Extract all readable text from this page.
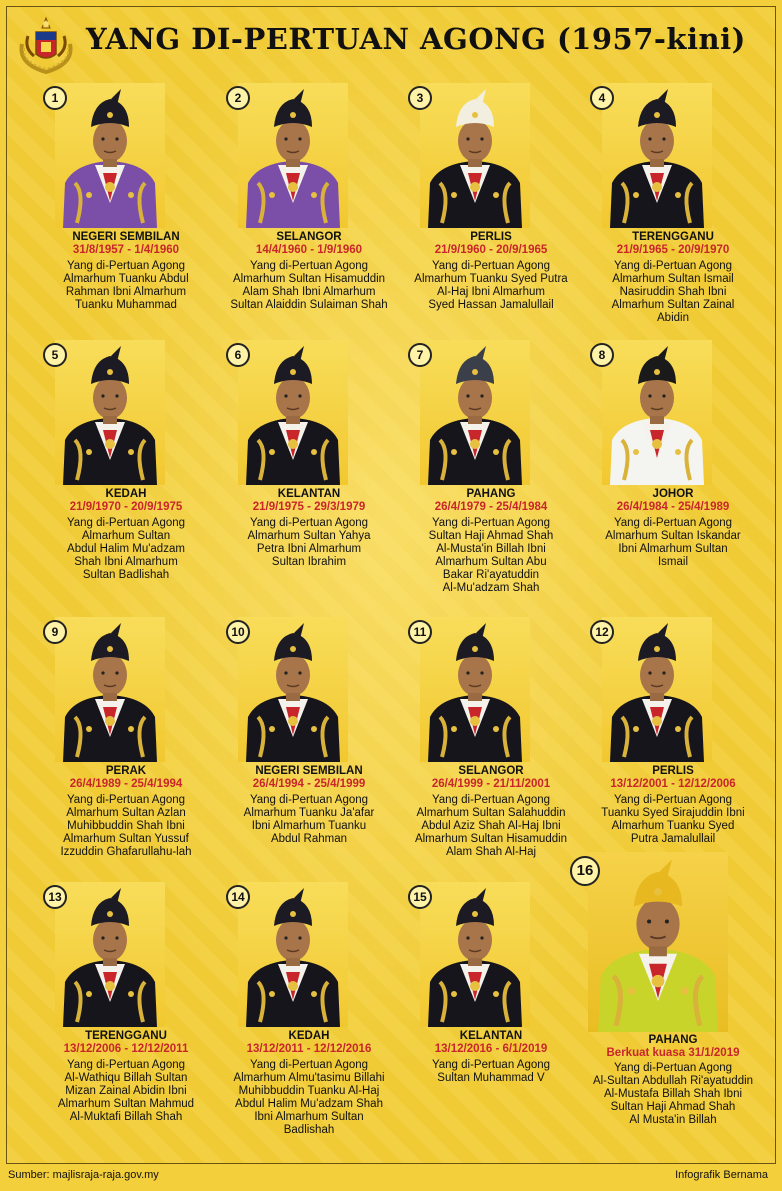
YANG DI-PERTUAN AGONG (1957-kini)
1
NEGERI SEMBILAN
31/8/1957 - 1/4/1960
Yang di-Pertuan Agong
Almarhum Tuanku Abdul
Rahman Ibni Almarhum
Tuanku Muhammad
2
SELANGOR
14/4/1960 - 1/9/1960
Yang di-Pertuan Agong
Almarhum Sultan Hisamuddin
Alam Shah Ibni Almarhum
Sultan Alaiddin Sulaiman Shah
3
PERLIS
21/9/1960 - 20/9/1965
Yang di-Pertuan Agong
Almarhum Tuanku Syed Putra
Al-Haj Ibni Almarhum
Syed Hassan Jamalullail
4
TERENGGANU
21/9/1965 - 20/9/1970
Yang di-Pertuan Agong
Almarhum Sultan Ismail
Nasiruddin Shah Ibni
Almarhum Sultan Zainal
Abidin
5
KEDAH
21/9/1970 - 20/9/1975
Yang di-Pertuan Agong
Almarhum Sultan
Abdul Halim Mu'adzam
Shah Ibni Almarhum
Sultan Badlishah
6
KELANTAN
21/9/1975 - 29/3/1979
Yang di-Pertuan Agong
Almarhum Sultan Yahya
Petra Ibni Almarhum
Sultan Ibrahim
7
PAHANG
26/4/1979 - 25/4/1984
Yang di-Pertuan Agong
Sultan Haji Ahmad Shah
Al-Musta'in Billah Ibni
Almarhum Sultan Abu
Bakar Ri'ayatuddin
Al-Mu'adzam Shah
8
JOHOR
26/4/1984 - 25/4/1989
Yang di-Pertuan Agong
Almarhum Sultan Iskandar
Ibni Almarhum Sultan
Ismail
9
PERAK
26/4/1989 - 25/4/1994
Yang di-Pertuan Agong
Almarhum Sultan Azlan
Muhibbuddin Shah Ibni
Almarhum Sultan Yussuf
Izzuddin Ghafarullahu-lah
10
NEGERI SEMBILAN
26/4/1994 - 25/4/1999
Yang di-Pertuan Agong
Almarhum Tuanku Ja'afar
Ibni Almarhum Tuanku
Abdul Rahman
11
SELANGOR
26/4/1999 - 21/11/2001
Yang di-Pertuan Agong
Almarhum Sultan Salahuddin
Abdul Aziz Shah Al-Haj Ibni
Almarhum Sultan Hisamuddin
Alam Shah Al-Haj
12
PERLIS
13/12/2001 - 12/12/2006
Yang di-Pertuan Agong
Tuanku Syed Sirajuddin Ibni
Almarhum Tuanku Syed
Putra Jamalullail
13
TERENGGANU
13/12/2006 - 12/12/2011
Yang di-Pertuan Agong
Al-Wathiqu Billah Sultan
Mizan Zainal Abidin Ibni
Almarhum Sultan Mahmud
Al-Muktafi Billah Shah
14
KEDAH
13/12/2011 - 12/12/2016
Yang di-Pertuan Agong
Almarhum Almu'tasimu Billahi
Muhibbuddin Tuanku Al-Haj
Abdul Halim Mu'adzam Shah
Ibni Almarhum Sultan
Badlishah
15
KELANTAN
13/12/2016 - 6/1/2019
Yang di-Pertuan Agong
Sultan Muhammad V
16
PAHANG
Berkuat kuasa 31/1/2019
Yang di-Pertuan Agong
Al-Sultan Abdullah Ri'ayatuddin
Al-Mustafa Billah Shah Ibni
Sultan Haji Ahmad Shah
Al Musta'in Billah
Sumber: majlisraja-raja.gov.my	Infografik Bernama
